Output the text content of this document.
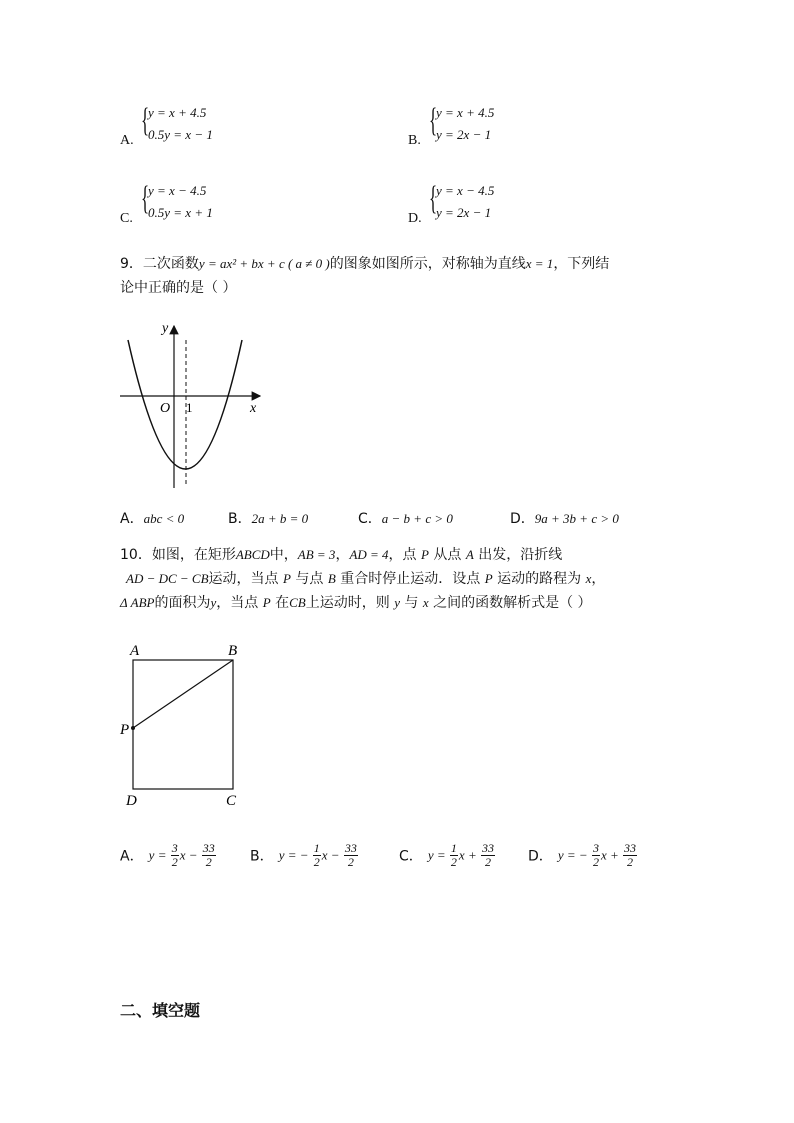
A.
{
y = x + 4.5
0.5y = x − 1	B.
{
y = x + 4.5
y = 2x − 1
C.
{
y = x − 4.5
0.5y = x + 1	D.
{
y = x − 4.5
y = 2x − 1
9．二次函数y = ax² + bx + c ( a ≠ 0 )的图象如图所示，对称轴为直线x = 1，下列结
论中正确的是（ ）
y
x
O 1
A．abc < 0	B．2a + b = 0	C．a − b + c > 0	D．9a + 3b + c > 0
10．如图，在矩形ABCD中，AB = 3，AD = 4，点 P 从点 A 出发，沿折线
AD − DC − CB运动，当点 P 与点 B 重合时停止运动．设点 P 运动的路程为 x，
Δ ABP的面积为y，当点 P 在CB上运动时，则 y 与 x 之间的函数解析式是（ ）
A	B
C
D
P
A． $y = \frac{3}{2}$ $x - \frac{33}{2}$ B． y = − $\frac{1}{2}$ $x - \frac{33}{2}$	C． $y = \frac{1}{2}$ $x + \frac{33}{2}$ D． y = − $\frac{3}{2}$ $x + \frac{33}{2}$
二、填空题
